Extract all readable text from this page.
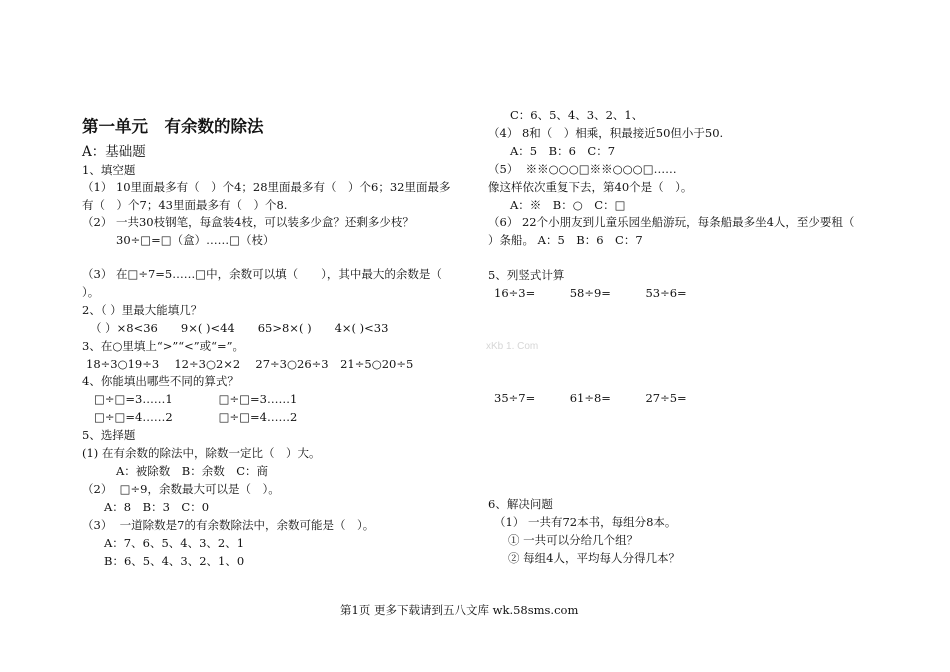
第一单元　有余数的除法
A：基础题
1、填空题
（1） 10里面最多有（　）个4；28里面最多有（　）个6；32里面最多
有（　）个7；43里面最多有（　）个8.
（2） 一共30枝钢笔，每盒装4枝，可以装多少盒？还剩多少枝？
30÷□=□（盒）……□（枝）
（3） 在□÷7=5……□中，余数可以填（　　），其中最大的余数是（
）。
2、（ ）里最大能填几？
（ ）×8<36　　9×( )<44　　65>8×( )　　4×( )<33
3、在○里填上“>”“<”或“=”。
18÷3○19÷3　 12÷3○2×2　 27÷3○26÷3　21÷5○20÷5
4、你能填出哪些不同的算式？
□÷□=3……1　　　　□÷□=3……1
□÷□=4……2　　　　□÷□=4……2
5、选择题
(1) 在有余数的除法中，除数一定比（　）大。
A：被除数　B：余数　C：商
（2）  □÷9，余数最大可以是（　）。
A：8　B：3　C：0
（3）  一道除数是7的有余数除法中，余数可能是（　）。
A：7、6、5、4、3、2、1
B：6、5、4、3、2、1、0
C：6、5、4、3、2、1、
（4） 8和（　）相乘，积最接近50但小于50.
A：5　B：6　C：7
（5）  ※※○○○□※※○○○□……
像这样依次重复下去，第40个是（　）。
A：※　B：○　C：□
（6） 22个小朋友到儿童乐园坐船游玩，每条船最多坐4人，至少要租（
）条船。 A：5　B：6　C：7
5、列竖式计算
16÷3=　　　58÷9=　　　53÷6=
xKb 1. Com
35÷7=　　　61÷8=　　　27÷5=
6、解决问题
（1） 一共有72本书，每组分8本。
① 一共可以分给几个组？
② 每组4人，平均每人分得几本？
第1页 更多下载请到五八文库 wk.58sms.com
